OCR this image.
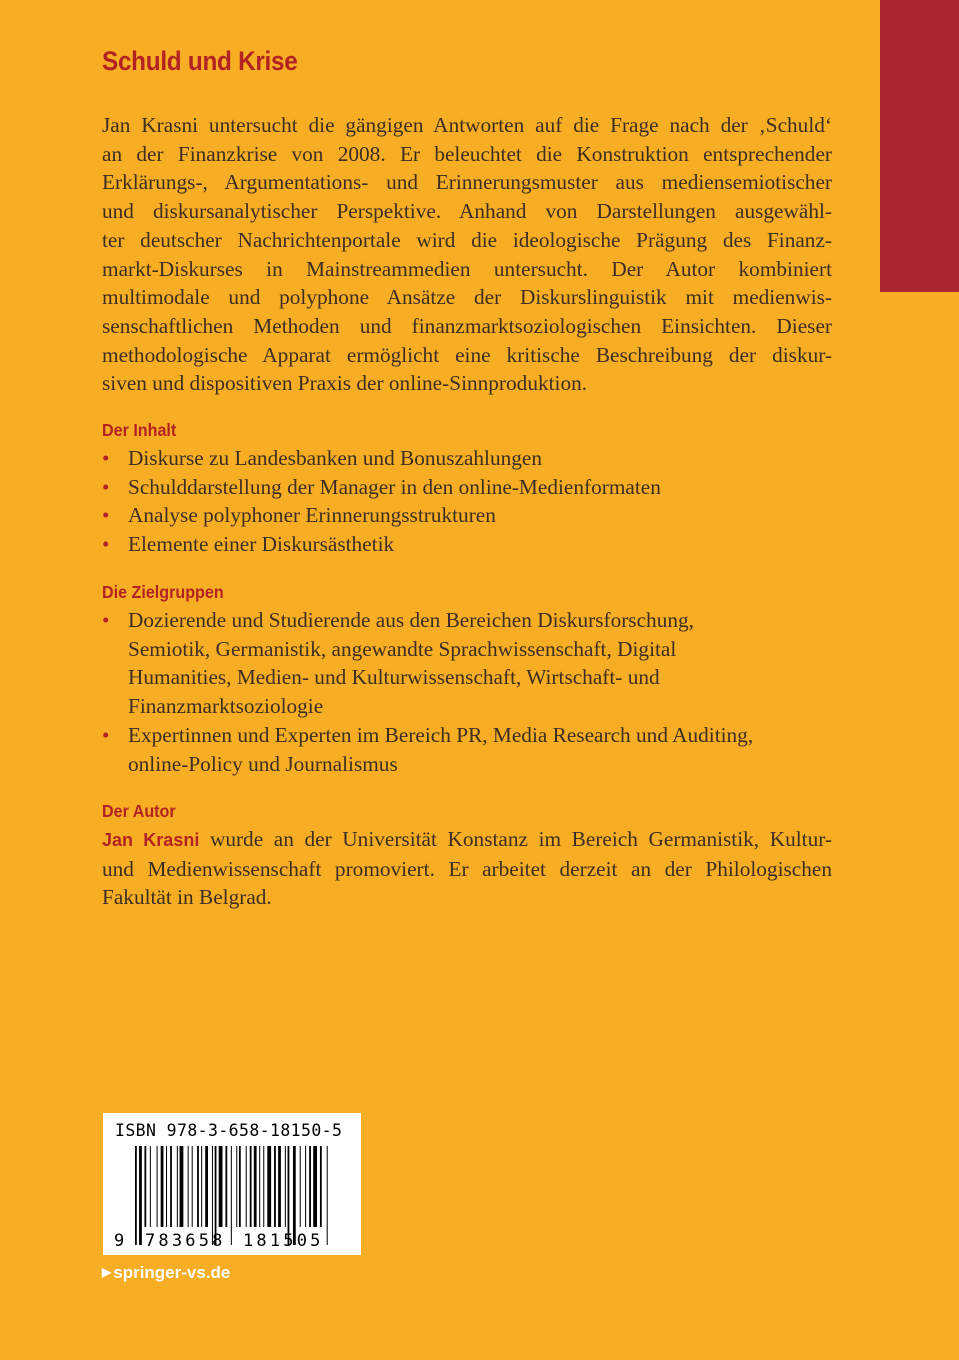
Schuld und Krise
Jan Krasni untersucht die gängigen Antworten auf die Frage nach der ‚Schuld‘
an der Finanzkrise von 2008. Er beleuchtet die Konstruktion entsprechender
Erklärungs-, Argumentations- und Erinnerungsmuster aus mediensemiotischer
und diskursanalytischer Perspektive. Anhand von Darstellungen ausgewähl-
ter deutscher Nachrichtenportale wird die ideologische Prägung des Finanz-
markt-Diskurses in Mainstreammedien untersucht. Der Autor kombiniert
multimodale und polyphone Ansätze der Diskurslinguistik mit medienwis-
senschaftlichen Methoden und finanzmarktsoziologischen Einsichten. Dieser
methodologische Apparat ermöglicht eine kritische Beschreibung der diskur-
siven und dispositiven Praxis der online-Sinnproduktion.
Der Inhalt
• Diskurse zu Landesbanken und Bonuszahlungen
• Schulddarstellung der Manager in den online-Medienformaten
• Analyse polyphoner Erinnerungsstrukturen
• Elemente einer Diskursästhetik
Die Zielgruppen
• Dozierende und Studierende aus den Bereichen Diskursforschung,
Semiotik, Germanistik, angewandte Sprachwissenschaft, Digital
Humanities, Medien- und Kulturwissenschaft, Wirtschaft- und
Finanzmarktsoziologie
• Expertinnen und Experten im Bereich PR, Media Research und Auditing,
online-Policy und Journalismus
Der Autor
Jan Krasni wurde an der Universität Konstanz im Bereich Germanistik, Kultur-
und Medienwissenschaft promoviert. Er arbeitet derzeit an der Philologischen
Fakultät in Belgrad.
ISBN 978-3-658-18150-5
9 783658 181505
▶ springer-vs.de
